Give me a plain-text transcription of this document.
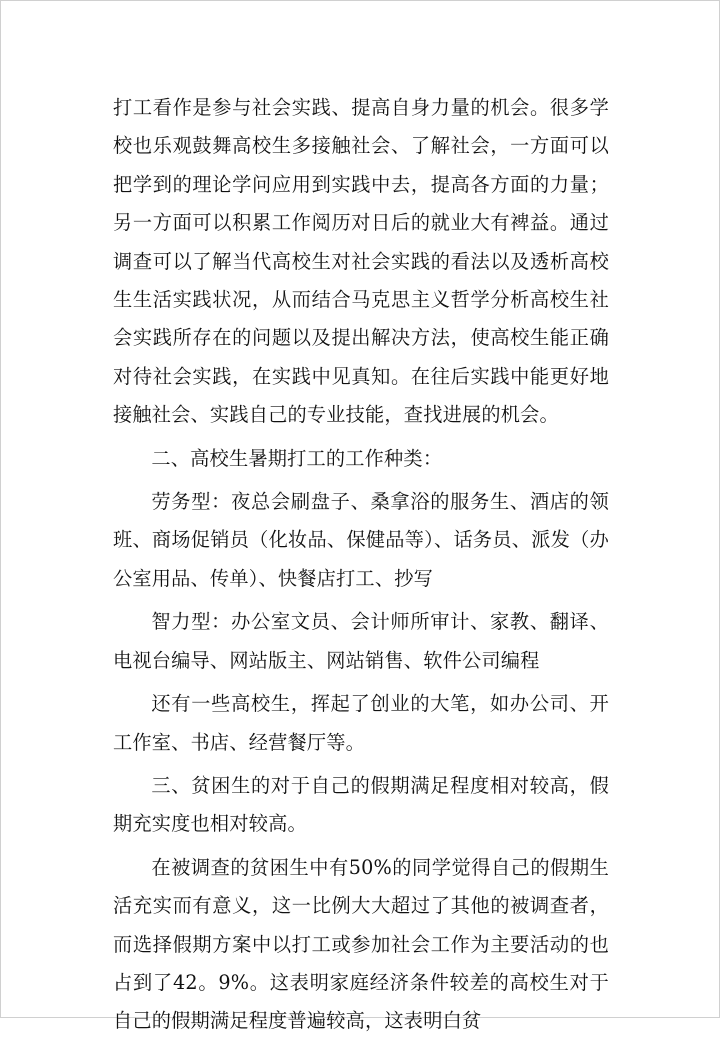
打工看作是参与社会实践、提高自身力量的机会。很多学校也乐观鼓舞高校生多接触社会、了解社会，一方面可以把学到的理论学问应用到实践中去，提高各方面的力量；另一方面可以积累工作阅历对日后的就业大有裨益。通过调查可以了解当代高校生对社会实践的看法以及透析高校生生活实践状况，从而结合马克思主义哲学分析高校生社会实践所存在的问题以及提出解决方法，使高校生能正确对待社会实践，在实践中见真知。在往后实践中能更好地接触社会、实践自己的专业技能，查找进展的机会。

二、高校生暑期打工的工作种类：

劳务型：夜总会刷盘子、桑拿浴的服务生、酒店的领班、商场促销员（化妆品、保健品等）、话务员、派发（办公室用品、传单）、快餐店打工、抄写

智力型：办公室文员、会计师所审计、家教、翻译、电视台编导、网站版主、网站销售、软件公司编程

还有一些高校生，挥起了创业的大笔，如办公司、开工作室、书店、经营餐厅等。

三、贫困生的对于自己的假期满足程度相对较高，假期充实度也相对较高。

在被调查的贫困生中有50%的同学觉得自己的假期生活充实而有意义，这一比例大大超过了其他的被调查者，而选择假期方案中以打工或参加社会工作为主要活动的也占到了42。9%。这表明家庭经济条件较差的高校生对于自己的假期满足程度普遍较高，这表明白贫
